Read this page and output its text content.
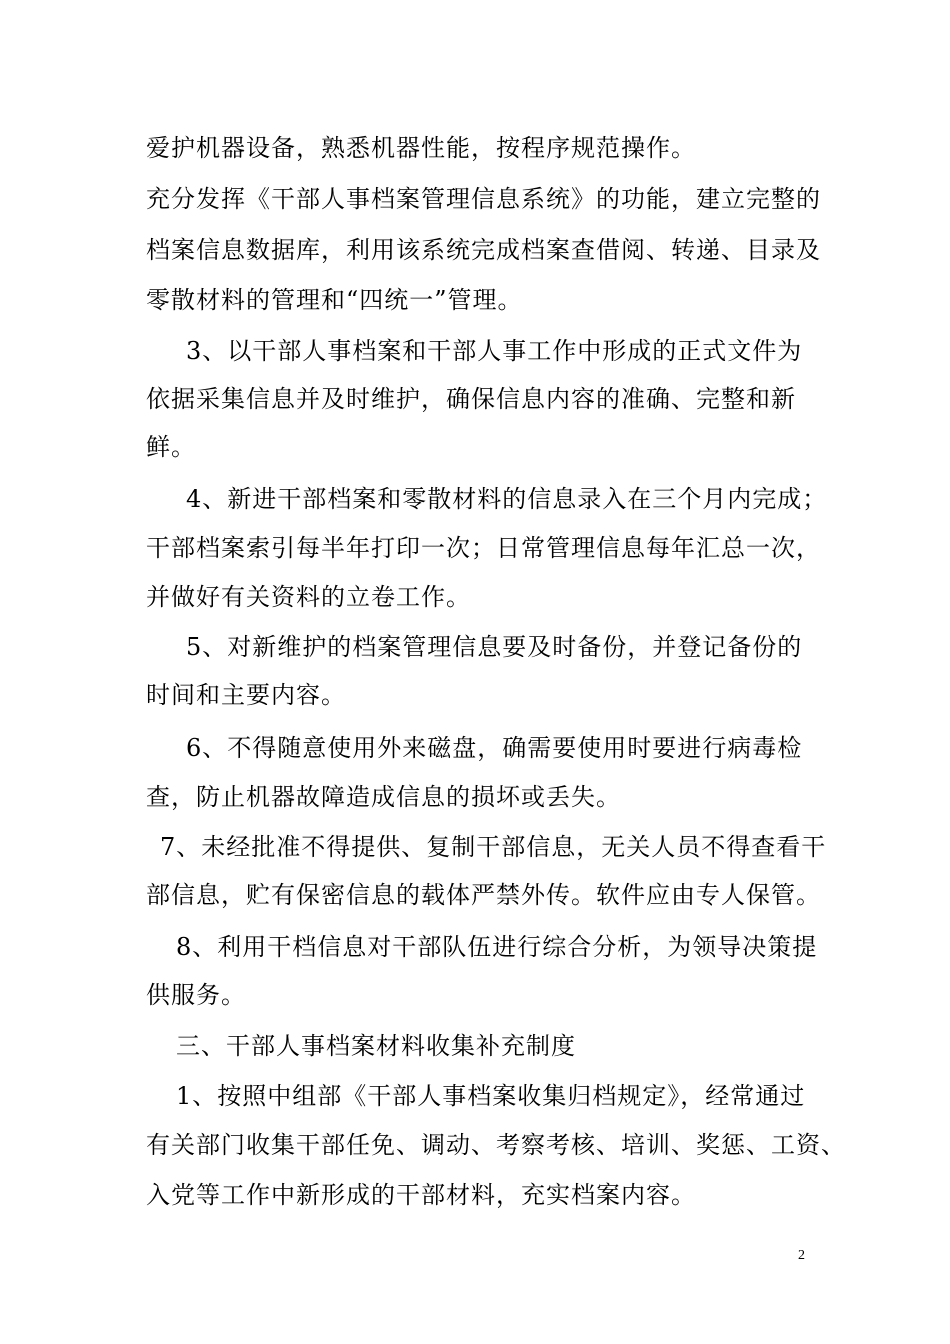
爱护机器设备，熟悉机器性能，按程序规范操作。
充分发挥《干部人事档案管理信息系统》的功能，建立完整的
档案信息数据库，利用该系统完成档案查借阅、转递、目录及
零散材料的管理和“四统一”管理。
3、以干部人事档案和干部人事工作中形成的正式文件为
依据采集信息并及时维护，确保信息内容的准确、完整和新
鲜。
4、新进干部档案和零散材料的信息录入在三个月内完成；
干部档案索引每半年打印一次；日常管理信息每年汇总一次，
并做好有关资料的立卷工作。
5、对新维护的档案管理信息要及时备份，并登记备份的
时间和主要内容。
6、不得随意使用外来磁盘，确需要使用时要进行病毒检
查，防止机器故障造成信息的损坏或丢失。
7、未经批准不得提供、复制干部信息，无关人员不得查看干
部信息，贮有保密信息的载体严禁外传。软件应由专人保管。
8、利用干档信息对干部队伍进行综合分析，为领导决策提
供服务。
三、干部人事档案材料收集补充制度
1、按照中组部《干部人事档案收集归档规定》，经常通过
有关部门收集干部任免、调动、考察考核、培训、奖惩、工资、
入党等工作中新形成的干部材料，充实档案内容。
2
